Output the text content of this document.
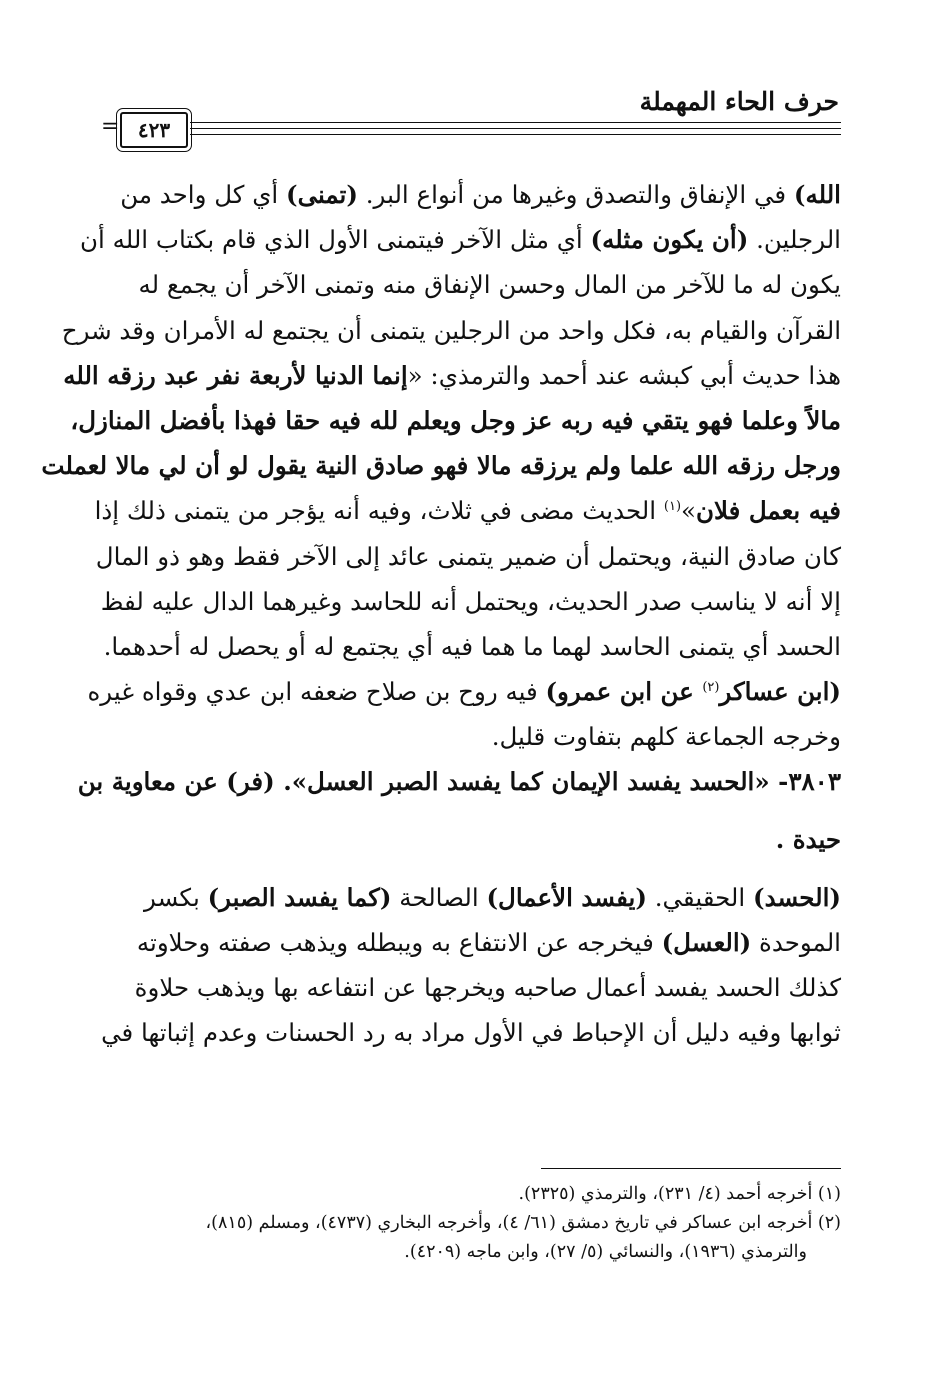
حرف الحاء المهملة
٤٢٣
=
الله) في الإنفاق والتصدق وغيرها من أنواع البر. (تمنى) أي كل واحد من
الرجلين. (أن يكون مثله) أي مثل الآخر فيتمنى الأول الذي قام بكتاب الله أن
يكون له ما للآخر من المال وحسن الإنفاق منه وتمنى الآخر أن يجمع له
القرآن والقيام به، فكل واحد من الرجلين يتمنى أن يجتمع له الأمران وقد شرح
هذا حديث أبي كبشه عند أحمد والترمذي: «إنما الدنيا لأربعة نفر عبد رزقه الله
مالاً وعلما فهو يتقي فيه ربه عز وجل ويعلم لله فيه حقا فهذا بأفضل المنازل،
ورجل رزقه الله علما ولم يرزقه مالا فهو صادق النية يقول لو أن لي مالا لعملت
فيه بعمل فلان»$^{(١)}$ الحديث مضى في ثلاث، وفيه أنه يؤجر من يتمنى ذلك إذا
كان صادق النية، ويحتمل أن ضمير يتمنى عائد إلى الآخر فقط وهو ذو المال
إلا أنه لا يناسب صدر الحديث، ويحتمل أنه للحاسد وغيرهما الدال عليه لفظ
الحسد أي يتمنى الحاسد لهما ما هما فيه أي يجتمع له أو يحصل له أحدهما.
(ابن عساكر$^{(٢)}$ عن ابن عمرو) فيه روح بن صلاح ضعفه ابن عدي وقواه غيره
وخرجه الجماعة كلهم بتفاوت قليل.
٣٨٠٣- «الحسد يفسد الإيمان كما يفسد الصبر العسل». (فر) عن معاوية بن
حيدة .
(الحسد) الحقيقي. (يفسد الأعمال) الصالحة (كما يفسد الصبر) بكسر
الموحدة (العسل) فيخرجه عن الانتفاع به ويبطله ويذهب صفته وحلاوته
كذلك الحسد يفسد أعمال صاحبه ويخرجها عن انتفاعه بها ويذهب حلاوة
ثوابها وفيه دليل أن الإحباط في الأول مراد به رد الحسنات وعدم إثباتها في
(١) أخرجه أحمد (٤/ ٢٣١)، والترمذي (٢٣٢٥).
(٢) أخرجه ابن عساكر في تاريخ دمشق (٦١/ ٤)، وأخرجه البخاري (٤٧٣٧)، ومسلم (٨١٥)،
والترمذي (١٩٣٦)، والنسائي (٥/ ٢٧)، وابن ماجه (٤٢٠٩).
